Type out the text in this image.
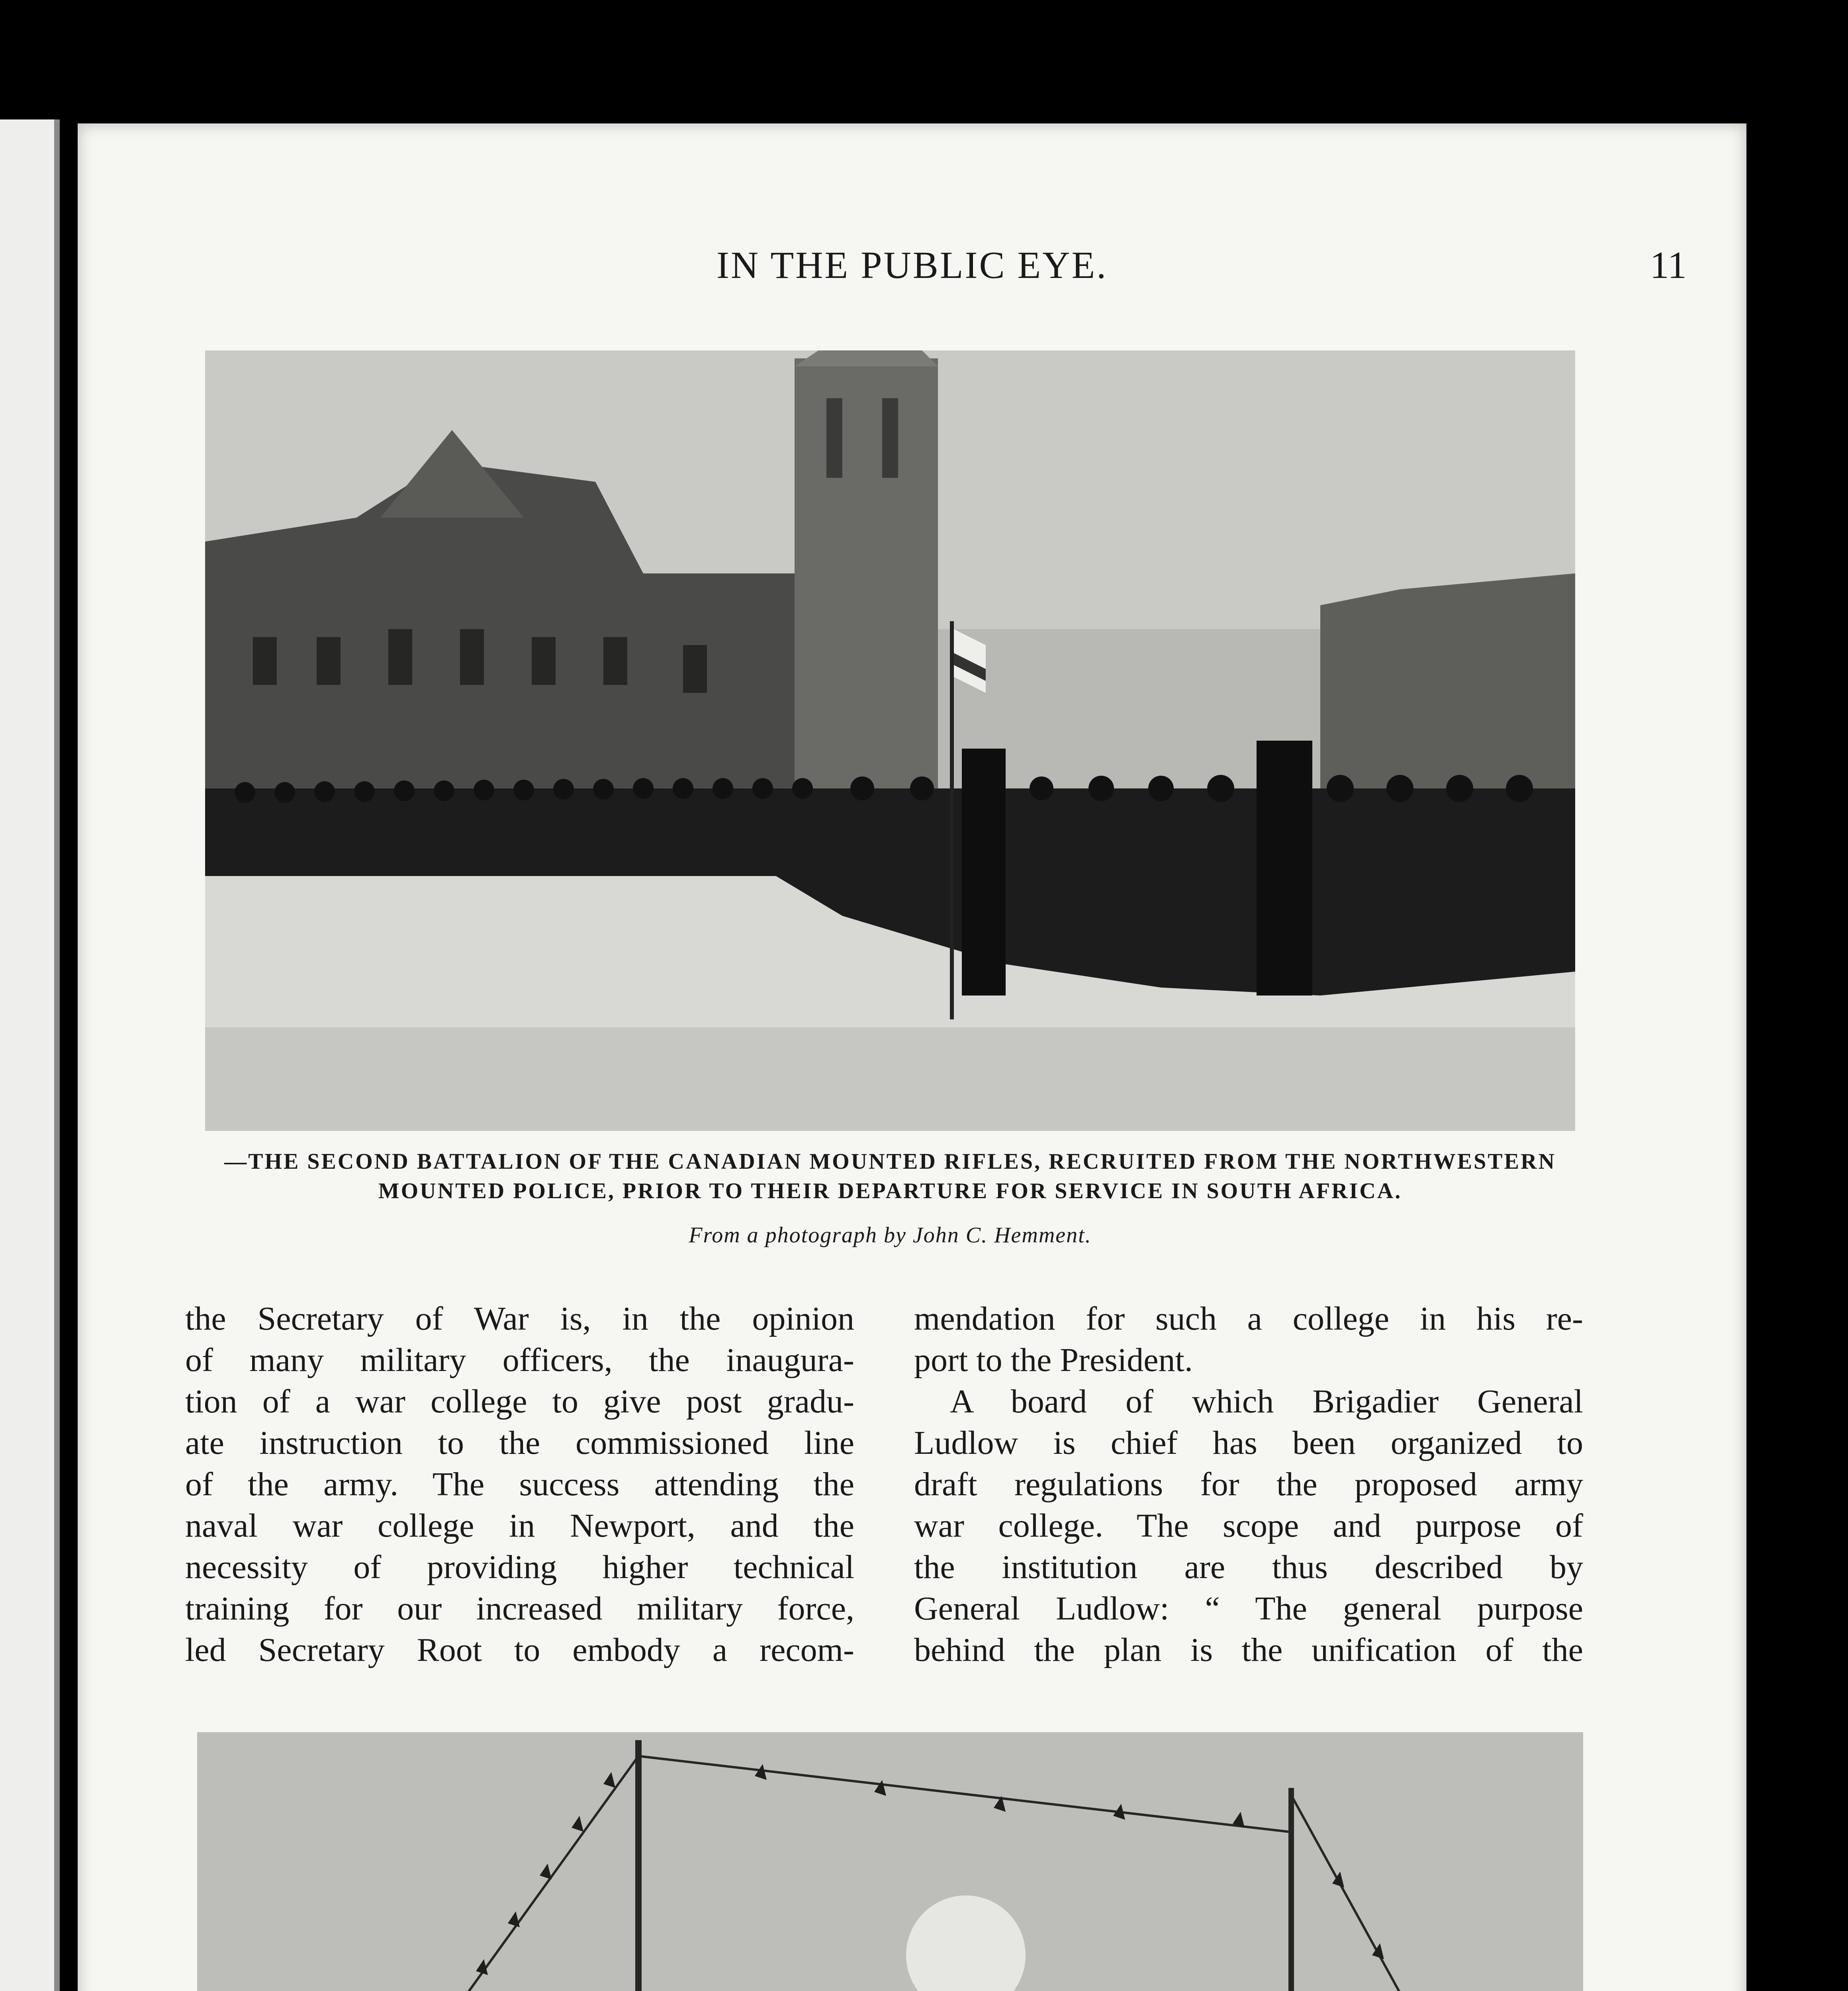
IN THE PUBLIC EYE.	11
—THE SECOND BATTALION OF THE CANADIAN MOUNTED RIFLES, RECRUITED FROM THE NORTHWESTERN MOUNTED POLICE, PRIOR TO THEIR DEPARTURE FOR SERVICE IN SOUTH AFRICA.
From a photograph by John C. Hemment.
the Secretary of War is, in the opinion
of many military officers, the inaugura-
tion of a war college to give post gradu-
ate instruction to the commissioned line
of the army. The success attending the
naval war college in Newport, and the
necessity of providing higher technical
training for our increased military force,
led Secretary Root to embody a recom-
mendation for such a college in his re-
port to the President.
A board of which Brigadier General
Ludlow is chief has been organized to
draft regulations for the proposed army
war college. The scope and purpose of
the institution are thus described by
General Ludlow: “ The general purpose
behind the plan is the unification of the
